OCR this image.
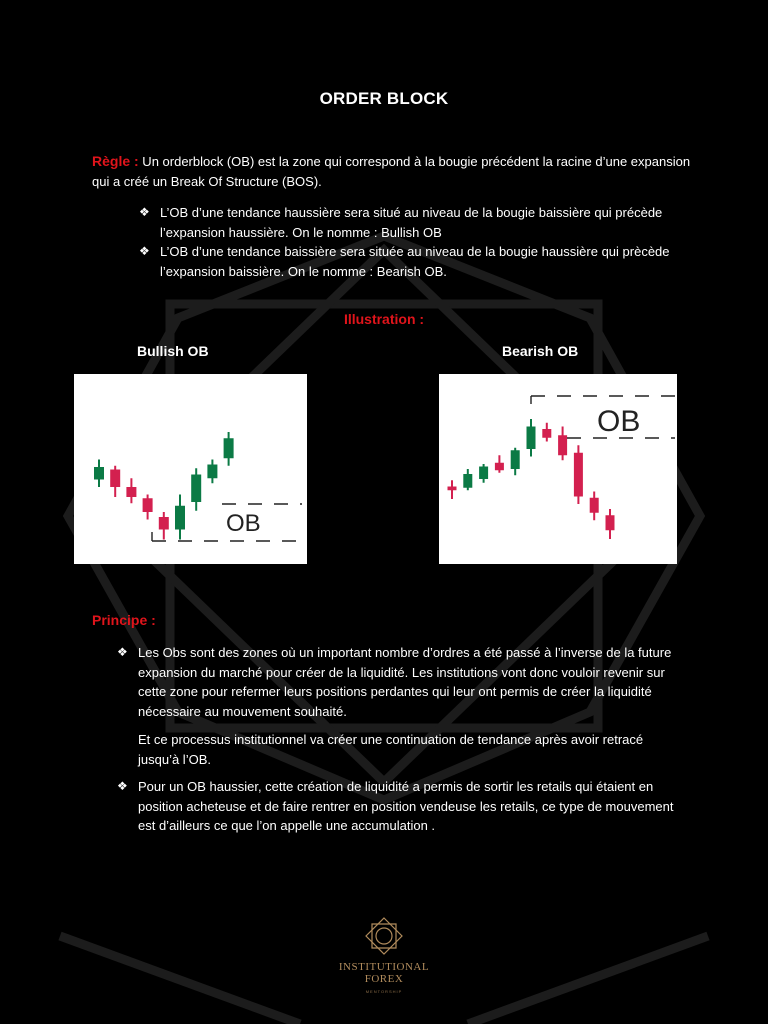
ORDER BLOCK
Règle : Un orderblock (OB) est la zone qui correspond à la bougie précédent la racine d’une expansion qui a créé un Break Of Structure (BOS).
❖ L’OB d’une tendance haussière sera situé au niveau de la bougie baissière qui précède l’expansion haussière. On le nomme : Bullish OB
❖ L’OB d’une tendance baissière sera située au niveau de la bougie haussière qui prècède l’expansion baissière. On le nomme : Bearish OB.
Illustration :
Bullish OB	Bearish OB
OB
OB
Principe :
❖ Les Obs sont des zones où un important nombre d’ordres a été passé à l’inverse de la future expansion du marché pour créer de la liquidité. Les institutions vont donc vouloir revenir sur cette zone pour refermer leurs positions perdantes qui leur ont permis de créer la liquidité nécessaire au mouvement souhaité.
Et ce processus institutionnel va créer une continuation de tendance après avoir retracé jusqu’à l’OB.
❖ Pour un OB haussier, cette création de liquidité a permis de sortir les retails qui étaient en position acheteuse et de faire rentrer en position vendeuse les retails, ce type de mouvement est d’ailleurs ce que l’on appelle une accumulation .
INSTITUTIONAL
FOREX
MENTORSHIP
